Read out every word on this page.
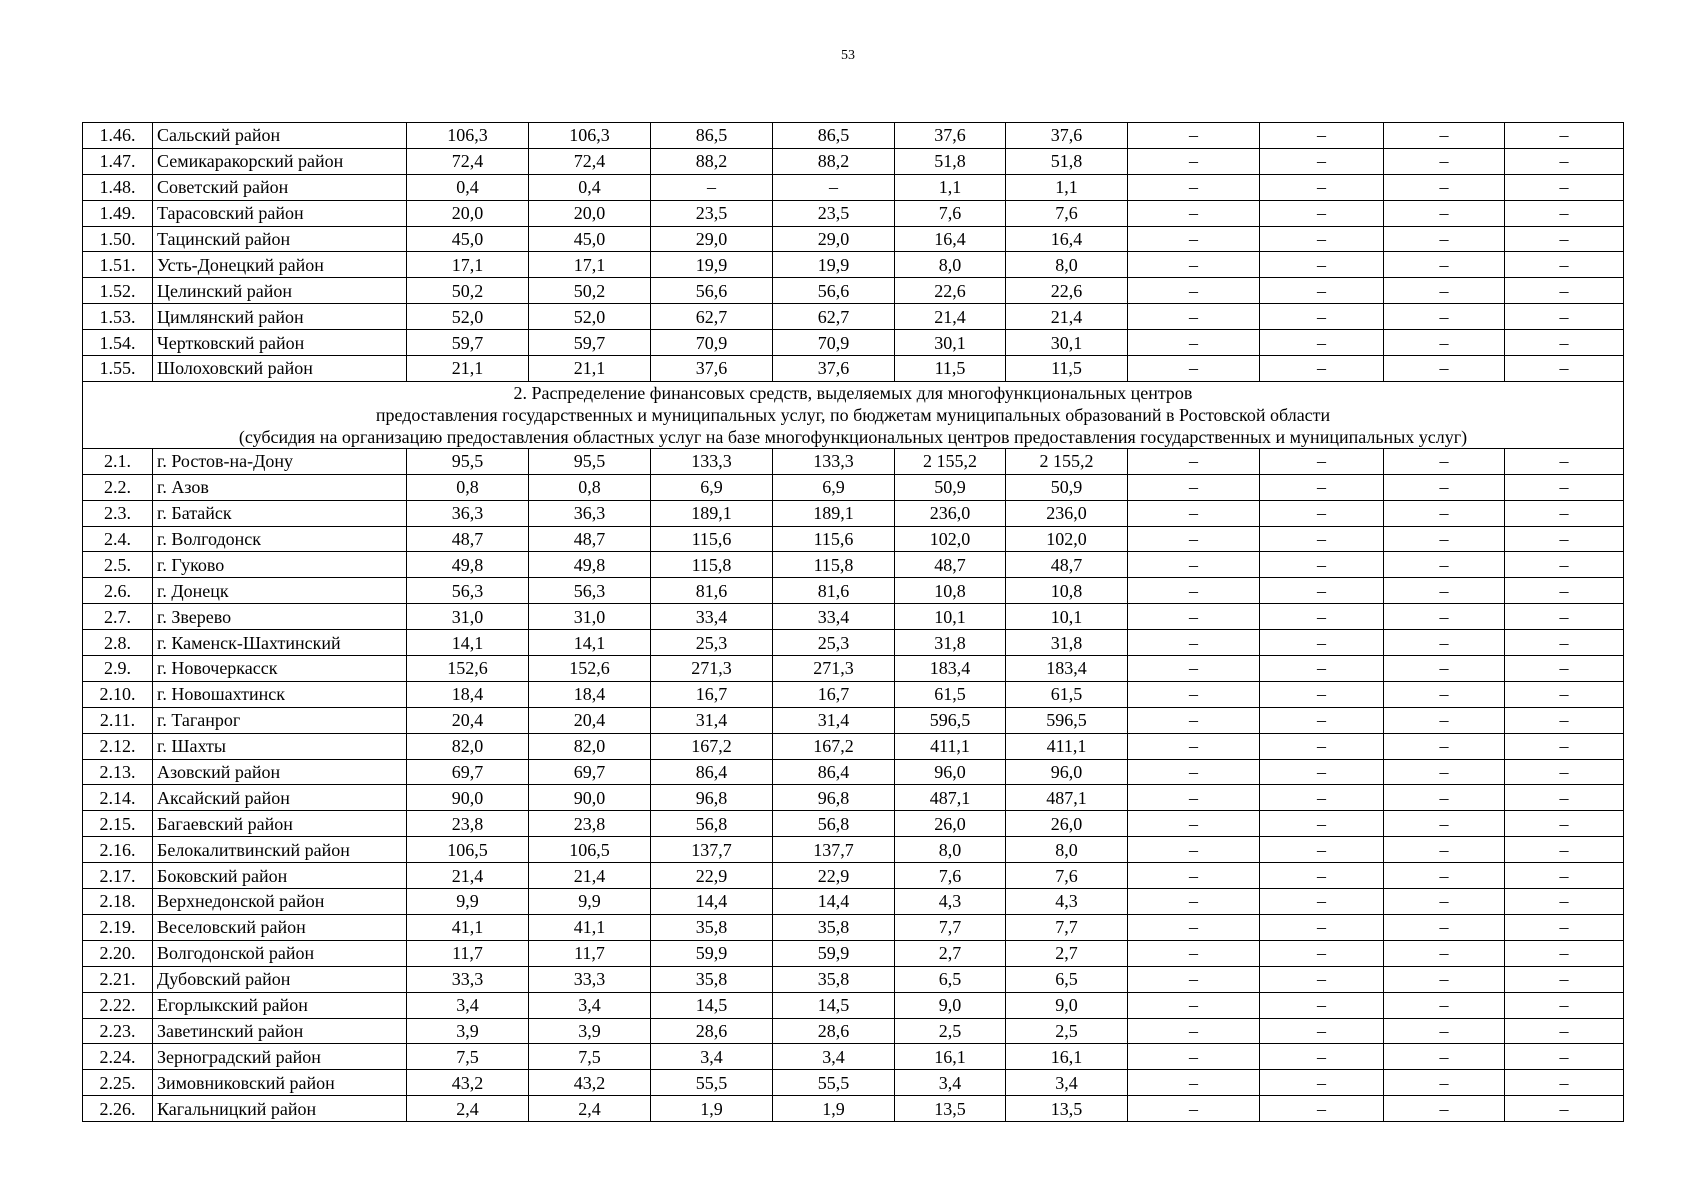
53
1.46.	Сальский район	106,3	106,3	86,5	86,5	37,6	37,6	–	–	–	–
1.47.	Семикаракорский район	72,4	72,4	88,2	88,2	51,8	51,8	–	–	–	–
1.48.	Советский район	0,4	0,4	–	–	1,1	1,1	–	–	–	–
1.49.	Тарасовский район	20,0	20,0	23,5	23,5	7,6	7,6	–	–	–	–
1.50.	Тацинский район	45,0	45,0	29,0	29,0	16,4	16,4	–	–	–	–
1.51.	Усть-Донецкий район	17,1	17,1	19,9	19,9	8,0	8,0	–	–	–	–
1.52.	Целинский район	50,2	50,2	56,6	56,6	22,6	22,6	–	–	–	–
1.53.	Цимлянский район	52,0	52,0	62,7	62,7	21,4	21,4	–	–	–	–
1.54.	Чертковский район	59,7	59,7	70,9	70,9	30,1	30,1	–	–	–	–
1.55.	Шолоховский район	21,1	21,1	37,6	37,6	11,5	11,5	–	–	–	–

2. Распределение финансовых средств, выделяемых для многофункциональных центров
предоставления государственных и муниципальных услуг, по бюджетам муниципальных образований в Ростовской области
(субсидия на организацию предоставления областных услуг на базе многофункциональных центров предоставления государственных и муниципальных услуг)											

2.1.	г. Ростов-на-Дону	95,5	95,5	133,3	133,3	2 155,2	2 155,2	–	–	–	–
2.2.	г. Азов	0,8	0,8	6,9	6,9	50,9	50,9	–	–	–	–
2.3.	г. Батайск	36,3	36,3	189,1	189,1	236,0	236,0	–	–	–	–
2.4.	г. Волгодонск	48,7	48,7	115,6	115,6	102,0	102,0	–	–	–	–
2.5.	г. Гуково	49,8	49,8	115,8	115,8	48,7	48,7	–	–	–	–
2.6.	г. Донецк	56,3	56,3	81,6	81,6	10,8	10,8	–	–	–	–
2.7.	г. Зверево	31,0	31,0	33,4	33,4	10,1	10,1	–	–	–	–
2.8.	г. Каменск-Шахтинский	14,1	14,1	25,3	25,3	31,8	31,8	–	–	–	–
2.9.	г. Новочеркасск	152,6	152,6	271,3	271,3	183,4	183,4	–	–	–	–
2.10.	г. Новошахтинск	18,4	18,4	16,7	16,7	61,5	61,5	–	–	–	–
2.11.	г. Таганрог	20,4	20,4	31,4	31,4	596,5	596,5	–	–	–	–
2.12.	г. Шахты	82,0	82,0	167,2	167,2	411,1	411,1	–	–	–	–
2.13.	Азовский район	69,7	69,7	86,4	86,4	96,0	96,0	–	–	–	–
2.14.	Аксайский район	90,0	90,0	96,8	96,8	487,1	487,1	–	–	–	–
2.15.	Багаевский район	23,8	23,8	56,8	56,8	26,0	26,0	–	–	–	–
2.16.	Белокалитвинский район	106,5	106,5	137,7	137,7	8,0	8,0	–	–	–	–
2.17.	Боковский район	21,4	21,4	22,9	22,9	7,6	7,6	–	–	–	–
2.18.	Верхнедонской район	9,9	9,9	14,4	14,4	4,3	4,3	–	–	–	–
2.19.	Веселовский район	41,1	41,1	35,8	35,8	7,7	7,7	–	–	–	–
2.20.	Волгодонской район	11,7	11,7	59,9	59,9	2,7	2,7	–	–	–	–
2.21.	Дубовский район	33,3	33,3	35,8	35,8	6,5	6,5	–	–	–	–
2.22.	Егорлыкский район	3,4	3,4	14,5	14,5	9,0	9,0	–	–	–	–
2.23.	Заветинский район	3,9	3,9	28,6	28,6	2,5	2,5	–	–	–	–
2.24.	Зерноградский район	7,5	7,5	3,4	3,4	16,1	16,1	–	–	–	–
2.25.	Зимовниковский район	43,2	43,2	55,5	55,5	3,4	3,4	–	–	–	–
2.26.	Кагальницкий район	2,4	2,4	1,9	1,9	13,5	13,5	–	–	–	–
